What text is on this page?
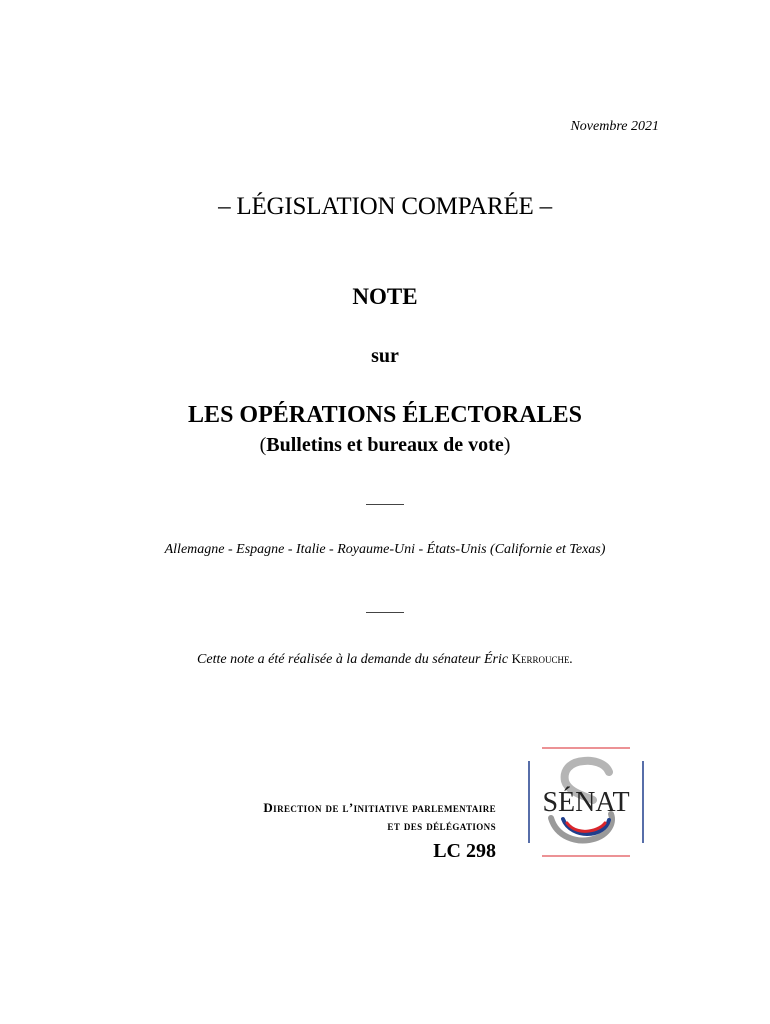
Novembre 2021
– LÉGISLATION COMPARÉE –
NOTE
sur
LES OPÉRATIONS ÉLECTORALES
(Bulletins et bureaux de vote)
Allemagne - Espagne - Italie - Royaume-Uni - États-Unis (Californie et Texas)
Cette note a été réalisée à la demande du sénateur Éric Kerrouche.
Direction de l’initiative parlementaire
et des délégations
LC 298
SÉNAT
